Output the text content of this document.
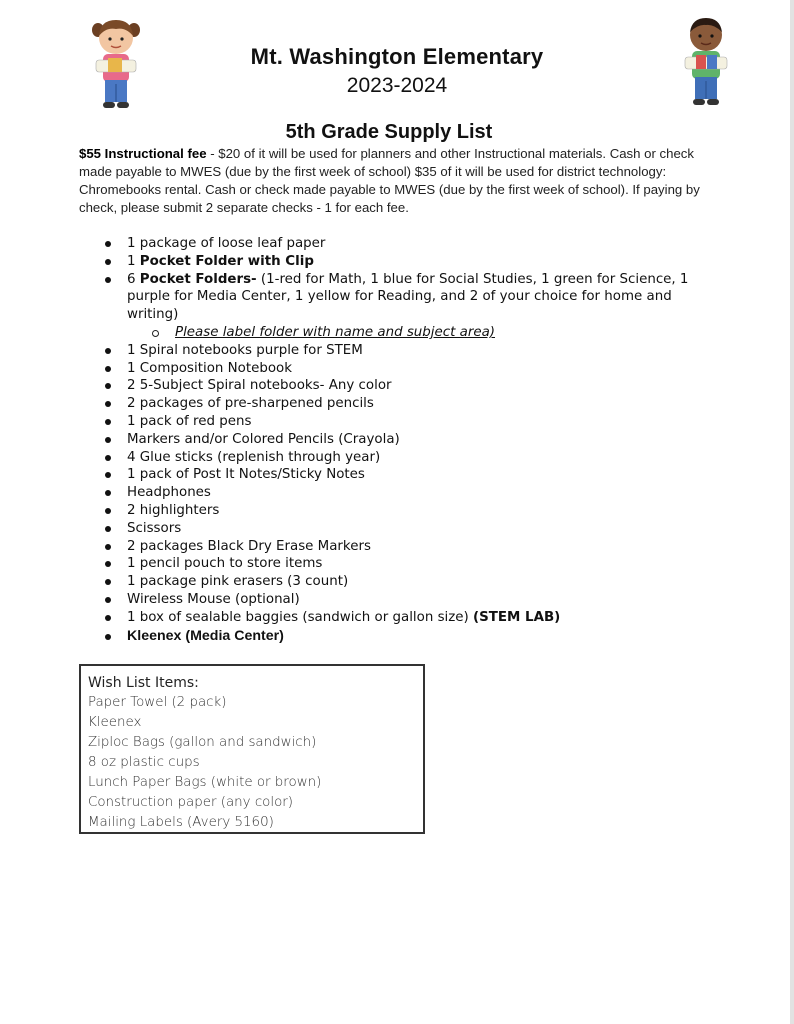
Mt. Washington Elementary
2023-2024
5th Grade Supply List
$55 Instructional fee - $20 of it will be used for planners and other Instructional materials. Cash or check made payable to MWES (due by the first week of school) $35 of it will be used for district technology: Chromebooks rental. Cash or check made payable to MWES (due by the first week of school). If paying by check, please submit 2 separate checks - 1 for each fee.
1 package of loose leaf paper
1 Pocket Folder with Clip
6 Pocket Folders- (1-red for Math, 1 blue for Social Studies, 1 green for Science, 1 purple for Media Center, 1 yellow for Reading, and 2 of your choice for home and writing)
Please label folder with name and subject area)
1 Spiral notebooks purple for STEM
1 Composition Notebook
2 5-Subject Spiral notebooks- Any color
2 packages of pre-sharpened pencils
1 pack of red pens
Markers and/or Colored Pencils (Crayola)
4 Glue sticks (replenish through year)
1 pack of Post It Notes/Sticky Notes
Headphones
2 highlighters
Scissors
2 packages Black Dry Erase Markers
1 pencil pouch to store items
1 package pink erasers (3 count)
Wireless Mouse (optional)
1 box of sealable baggies (sandwich or gallon size) (STEM LAB)
Kleenex (Media Center)
Wish List Items:
Paper Towel (2 pack)
Kleenex
Ziploc Bags (gallon and sandwich)
8 oz plastic cups
Lunch Paper Bags (white or brown)
Construction paper (any color)
Mailing Labels (Avery 5160)
